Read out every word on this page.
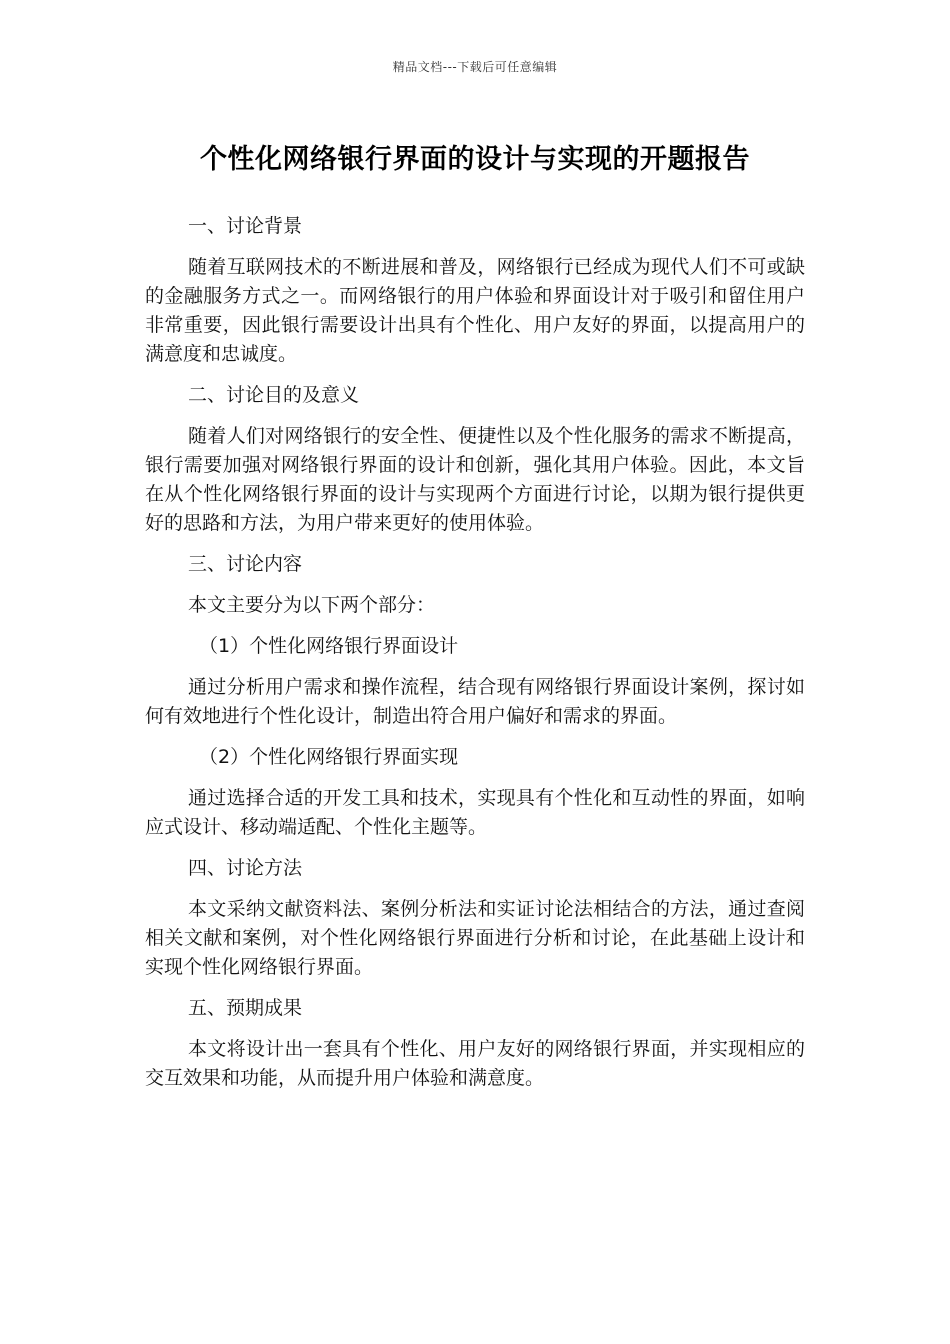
精品文档---下载后可任意编辑
个性化网络银行界面的设计与实现的开题报告

一、讨论背景

随着互联网技术的不断进展和普及，网络银行已经成为现代人们不可或缺的金融服务方式之一。而网络银行的用户体验和界面设计对于吸引和留住用户非常重要，因此银行需要设计出具有个性化、用户友好的界面，以提高用户的满意度和忠诚度。

二、讨论目的及意义

随着人们对网络银行的安全性、便捷性以及个性化服务的需求不断提高，银行需要加强对网络银行界面的设计和创新，强化其用户体验。因此，本文旨在从个性化网络银行界面的设计与实现两个方面进行讨论，以期为银行提供更好的思路和方法，为用户带来更好的使用体验。

三、讨论内容

本文主要分为以下两个部分：

（1）个性化网络银行界面设计

通过分析用户需求和操作流程，结合现有网络银行界面设计案例，探讨如何有效地进行个性化设计，制造出符合用户偏好和需求的界面。

（2）个性化网络银行界面实现

通过选择合适的开发工具和技术，实现具有个性化和互动性的界面，如响应式设计、移动端适配、个性化主题等。

四、讨论方法

本文采纳文献资料法、案例分析法和实证讨论法相结合的方法，通过查阅相关文献和案例，对个性化网络银行界面进行分析和讨论，在此基础上设计和实现个性化网络银行界面。

五、预期成果

本文将设计出一套具有个性化、用户友好的网络银行界面，并实现相应的交互效果和功能，从而提升用户体验和满意度。
